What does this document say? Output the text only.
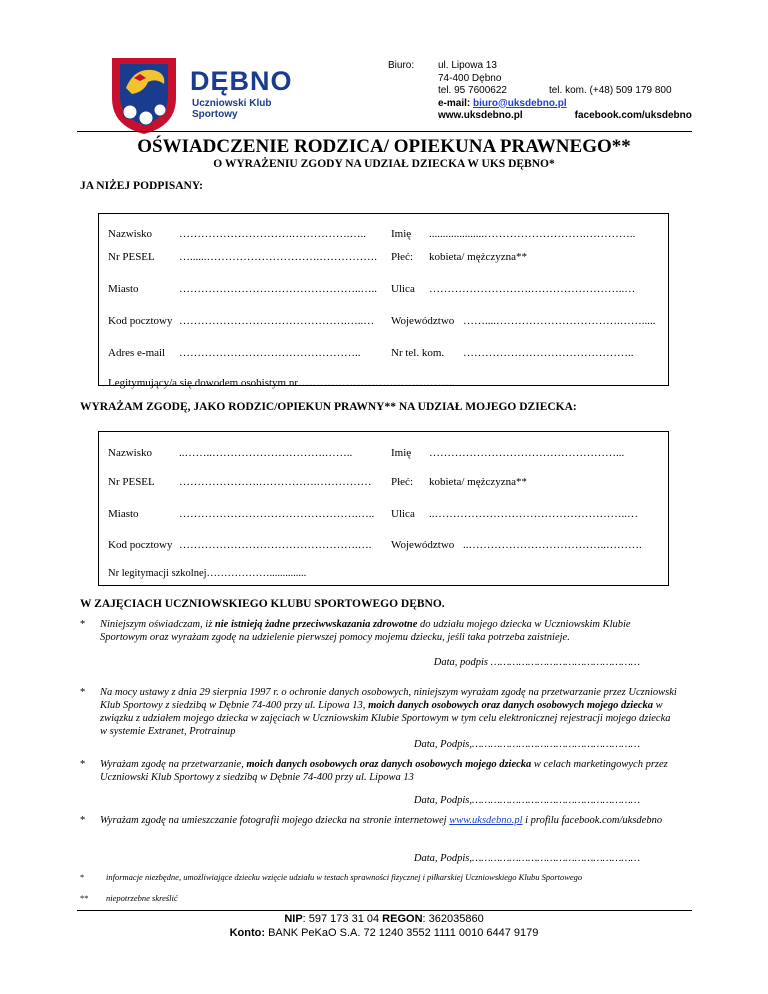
DĘBNO
Uczniowski Klub Sportowy
Biuro: ul. Lipowa 13
74-400 Dębno
tel. 95 7600622	tel. kom. (+48) 509 179 800
e-mail: biuro@uksdebno.pl
www.uksdebno.pl	facebook.com/uksdebno
OŚWIADCZENIE RODZICA/ OPIEKUNA PRAWNEGO**
O WYRAŻENIU ZGODY NA UDZIAŁ DZIECKA W UKS DĘBNO*
JA NIŻEJ PODPISANY:
Nazwisko ………………………….…………….….. Imię ....................……………………….…………..
Nr PESEL …......………………………….……………. Płeć: kobieta/ mężczyzna**
Miasto	…………………………………………..….. Ulica ……………………….……………………..…
Kod pocztowy ……………………………………….…..… Województwo ……....…………………………….…….....
Adres e-mail …………………………………………..	Nr tel. kom. ………………………………………..
Legitymujący/a się dowodem osobistym nr………………………………….....
WYRAŻAM ZGODĘ, JAKO RODZIC/OPIEKUN PRAWNY** NA UDZIAŁ MOJEGO DZIECKA:
Nazwisko ..……..………………………….……..	Imię ……………………………………………...
Nr PESEL ………………….…………….…………… Płeć: kobieta/ mężczyzna**
Miasto	………………………………………….….. Ulica ..……………………………………………..…
Kod pocztowy ………………………………………….…. Województwo ..………………………………..……….
Nr legitymacji szkolnej………………..............
W ZAJĘCIACH UCZNIOWSKIEGO KLUBU SPORTOWEGO DĘBNO.
* Niniejszym oświadczam, iż nie istnieją żadne przeciwwskazania zdrowotne do udziału mojego dziecka w Uczniowskim Klubie Sportowym oraz wyrażam zgodę na udzielenie pierwszej pomocy mojemu dziecku, jeśli taka potrzeba zaistnieje.
Data, podpis …………………………………………
* Na mocy ustawy z dnia 29 sierpnia 1997 r. o ochronie danych osobowych, niniejszym wyrażam zgodę na przetwarzanie przez Uczniowski Klub Sportowy z siedzibą w Dębnie 74-400 przy ul. Lipowa 13, moich danych osobowych oraz danych osobowych mojego dziecka w związku z udziałem mojego dziecka w zajęciach w Uczniowskim Klubie Sportowym w tym celu elektronicznej rejestracji mojego dziecka w systemie Extranet, Protrainup
Data, Podpis,………………………………………………
* Wyrażam zgodę na przetwarzanie, moich danych osobowych oraz danych osobowych mojego dziecka w celach marketingowych przez Uczniowski Klub Sportowy z siedzibą w Dębnie 74-400 przy ul. Lipowa 13
Data, Podpis,………………………………………………
* Wyrażam zgodę na umieszczanie fotografii mojego dziecka na stronie internetowej www.uksdebno.pl i profilu facebook.com/uksdebno
Data, Podpis,………………………………………………
*	informacje niezbędne, umożliwiające dziecku wzięcie udziału w testach sprawności fizycznej i piłkarskiej Uczniowskiego Klubu Sportowego
** niepotrzebne skreślić
NIP: 597 173 31 04 REGON: 362035860
Konto: BANK PeKaO S.A. 72 1240 3552 1111 0010 6447 9179
